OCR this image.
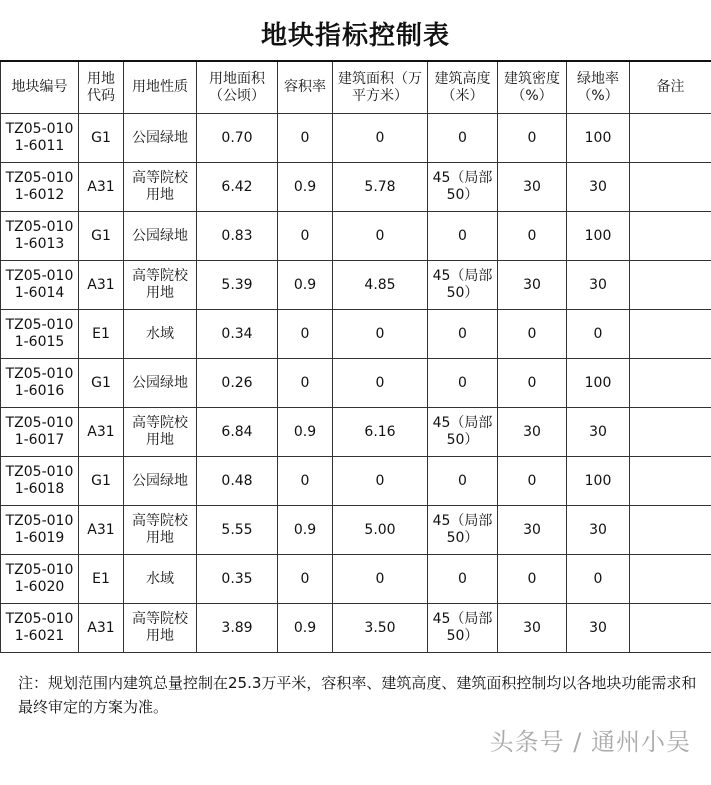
地块指标控制表
地块编号	用地代码	用地性质	用地面积（公顷）	容积率	建筑面积（万平方米）	建筑高度（米）	建筑密度（%）	绿地率（%）	备注
TZ05-0101-6011	G1	公园绿地	0.70	0	0	0	0	100	
TZ05-0101-6012	A31	高等院校用地	6.42	0.9	5.78	45（局部50）	30	30	
TZ05-0101-6013	G1	公园绿地	0.83	0	0	0	0	100	
TZ05-0101-6014	A31	高等院校用地	5.39	0.9	4.85	45（局部50）	30	30	
TZ05-0101-6015	E1	水域	0.34	0	0	0	0	0	
TZ05-0101-6016	G1	公园绿地	0.26	0	0	0	0	100	
TZ05-0101-6017	A31	高等院校用地	6.84	0.9	6.16	45（局部50）	30	30	
TZ05-0101-6018	G1	公园绿地	0.48	0	0	0	0	100	
TZ05-0101-6019	A31	高等院校用地	5.55	0.9	5.00	45（局部50）	30	30	
TZ05-0101-6020	E1	水域	0.35	0	0	0	0	0	
TZ05-0101-6021	A31	高等院校用地	3.89	0.9	3.50	45（局部50）	30	30	
注：规划范围内建筑总量控制在25.3万平米，容积率、建筑高度、建筑面积控制均以各地块功能需求和最终审定的方案为准。
头条号 / 通州小吴
